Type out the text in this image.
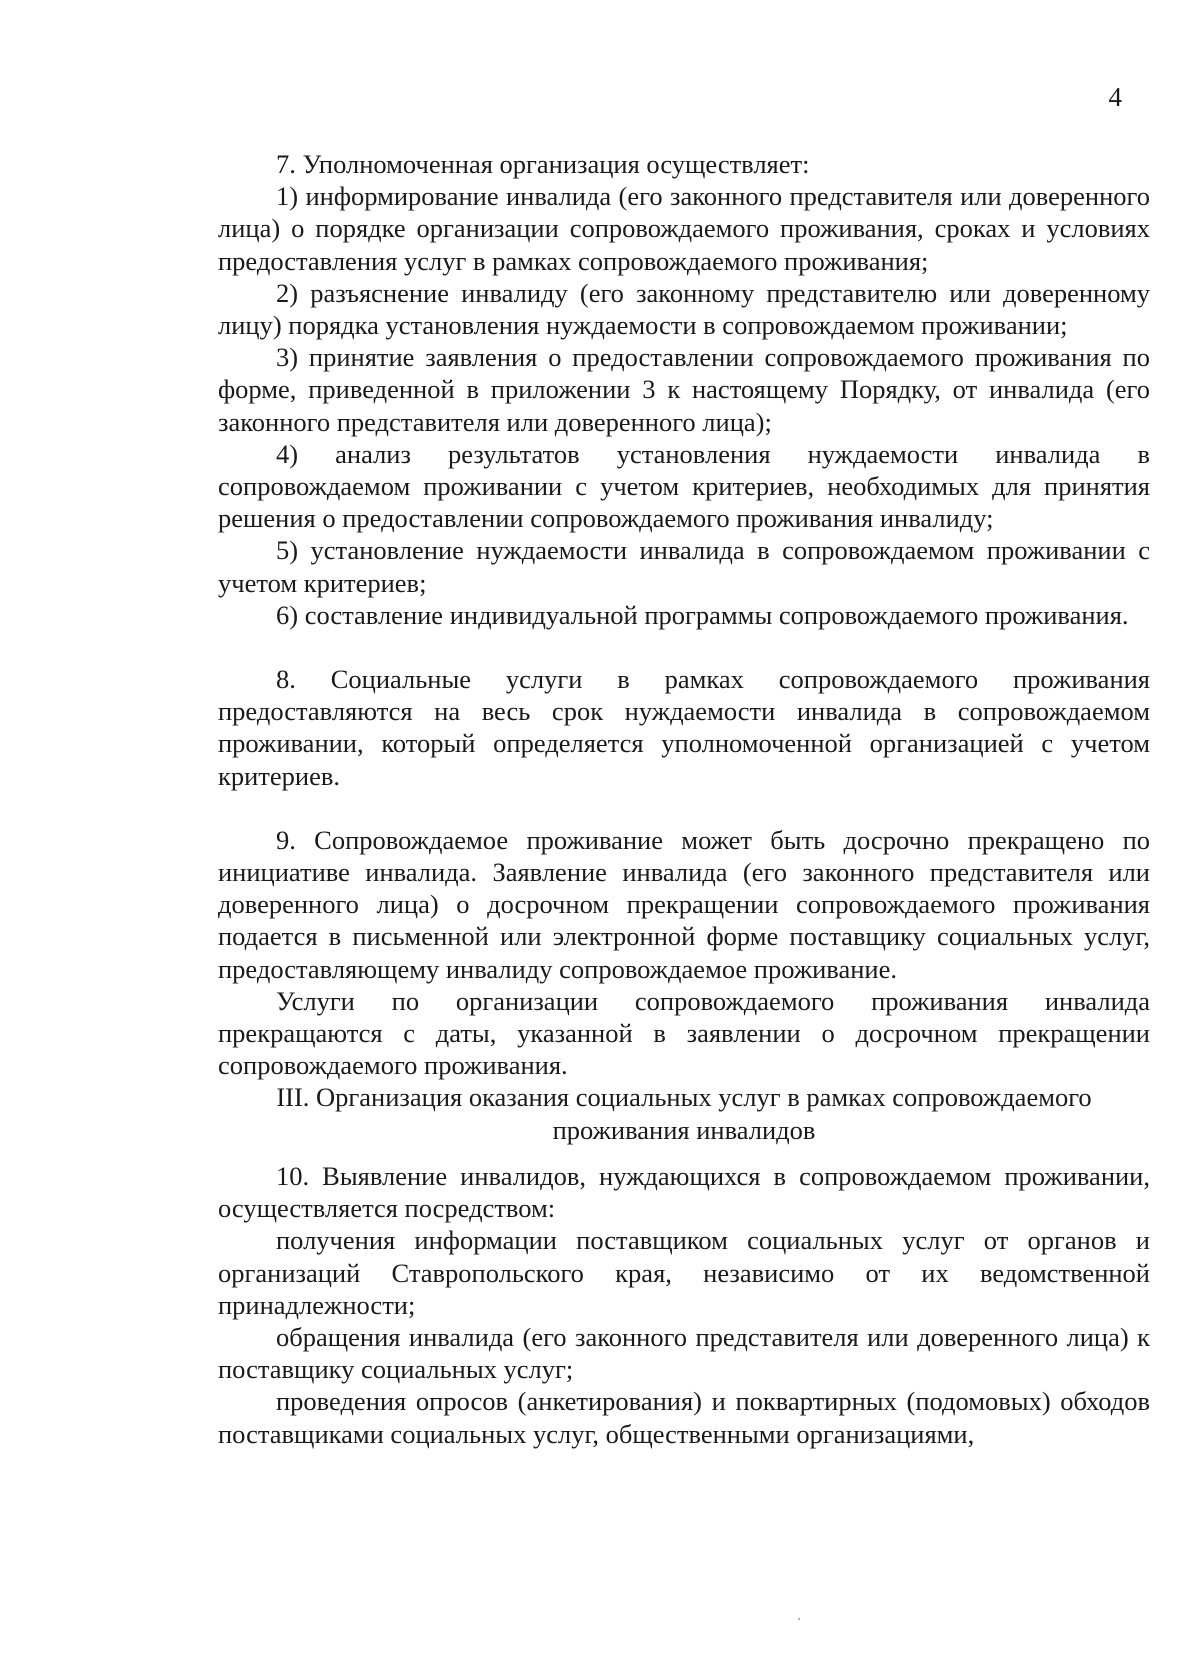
4

7. Уполномоченная организация осуществляет:

1) информирование инвалида (его законного представителя или доверенного лица) о порядке организации сопровождаемого проживания, сроках и условиях предоставления услуг в рамках сопровождаемого проживания;

2) разъяснение инвалиду (его законному представителю или доверенному лицу) порядка установления нуждаемости в сопровождаемом проживании;

3) принятие заявления о предоставлении сопровождаемого проживания по форме, приведенной в приложении 3 к настоящему Порядку, от инвалида (его законного представителя или доверенного лица);

4) анализ результатов установления нуждаемости инвалида в сопровождаемом проживании с учетом критериев, необходимых для принятия решения о предоставлении сопровождаемого проживания инвалиду;

5) установление нуждаемости инвалида в сопровождаемом проживании с учетом критериев;

6) составление индивидуальной программы сопровождаемого проживания.

8. Социальные услуги в рамках сопровождаемого проживания предоставляются на весь срок нуждаемости инвалида в сопровождаемом проживании, который определяется уполномоченной организацией с учетом критериев.

9. Сопровождаемое проживание может быть досрочно прекращено по инициативе инвалида. Заявление инвалида (его законного представителя или доверенного лица) о досрочном прекращении сопровождаемого проживания подается в письменной или электронной форме поставщику социальных услуг, предоставляющему инвалиду сопровождаемое проживание.

Услуги по организации сопровождаемого проживания инвалида прекращаются с даты, указанной в заявлении о досрочном прекращении сопровождаемого проживания.

III. Организация оказания социальных услуг в рамках сопровождаемого проживания инвалидов

10. Выявление инвалидов, нуждающихся в сопровождаемом проживании, осуществляется посредством:

получения информации поставщиком социальных услуг от органов и организаций Ставропольского края, независимо от их ведомственной принадлежности;

обращения инвалида (его законного представителя или доверенного лица) к поставщику социальных услуг;

проведения опросов (анкетирования) и поквартирных (подомовых) обходов поставщиками социальных услуг, общественными организациями,
